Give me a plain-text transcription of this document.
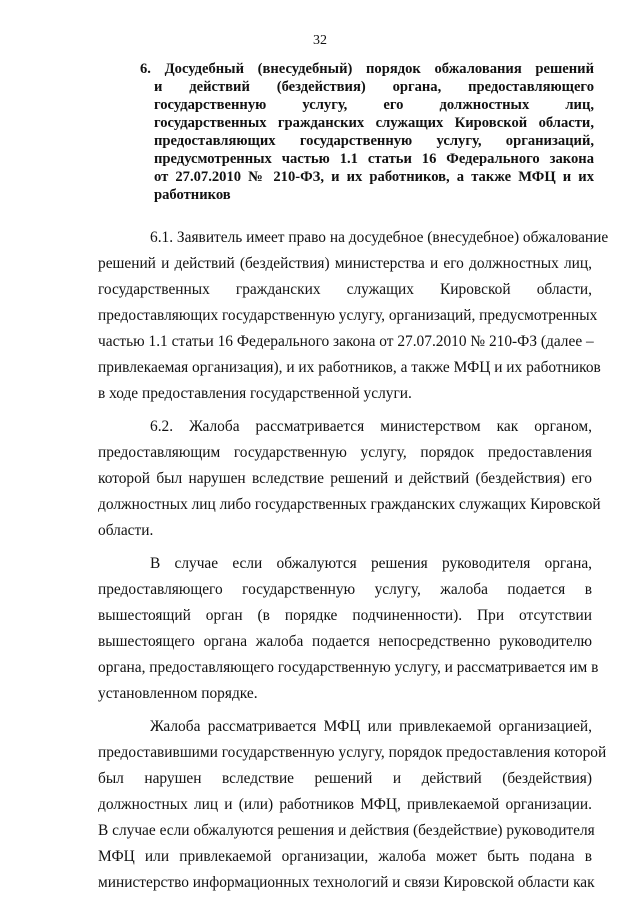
32
6. Досудебный (внесудебный) порядок обжалования решений
и действий (бездействия) органа, предоставляющего
государственную услугу, его должностных лиц,
государственных гражданских служащих Кировской области,
предоставляющих государственную услугу, организаций,
предусмотренных частью 1.1 статьи 16 Федерального закона
от 27.07.2010 № 210-ФЗ, и их работников, а также МФЦ и их
работников
6.1. Заявитель имеет право на досудебное (внесудебное) обжалование
решений и действий (бездействия) министерства и его должностных лиц,
государственных гражданских служащих Кировской области,
предоставляющих государственную услугу, организаций, предусмотренных
частью 1.1 статьи 16 Федерального закона от 27.07.2010 № 210-ФЗ (далее –
привлекаемая организация), и их работников, а также МФЦ и их работников
в ходе предоставления государственной услуги.
6.2. Жалоба рассматривается министерством как органом,
предоставляющим государственную услугу, порядок предоставления
которой был нарушен вследствие решений и действий (бездействия) его
должностных лиц либо государственных гражданских служащих Кировской
области.
В случае если обжалуются решения руководителя органа,
предоставляющего государственную услугу, жалоба подается в
вышестоящий орган (в порядке подчиненности). При отсутствии
вышестоящего органа жалоба подается непосредственно руководителю
органа, предоставляющего государственную услугу, и рассматривается им в
установленном порядке.
Жалоба рассматривается МФЦ или привлекаемой организацией,
предоставившими государственную услугу, порядок предоставления которой
был нарушен вследствие решений и действий (бездействия)
должностных лиц и (или) работников МФЦ, привлекаемой организации.
В случае если обжалуются решения и действия (бездействие) руководителя
МФЦ или привлекаемой организации, жалоба может быть подана в
министерство информационных технологий и связи Кировской области как
